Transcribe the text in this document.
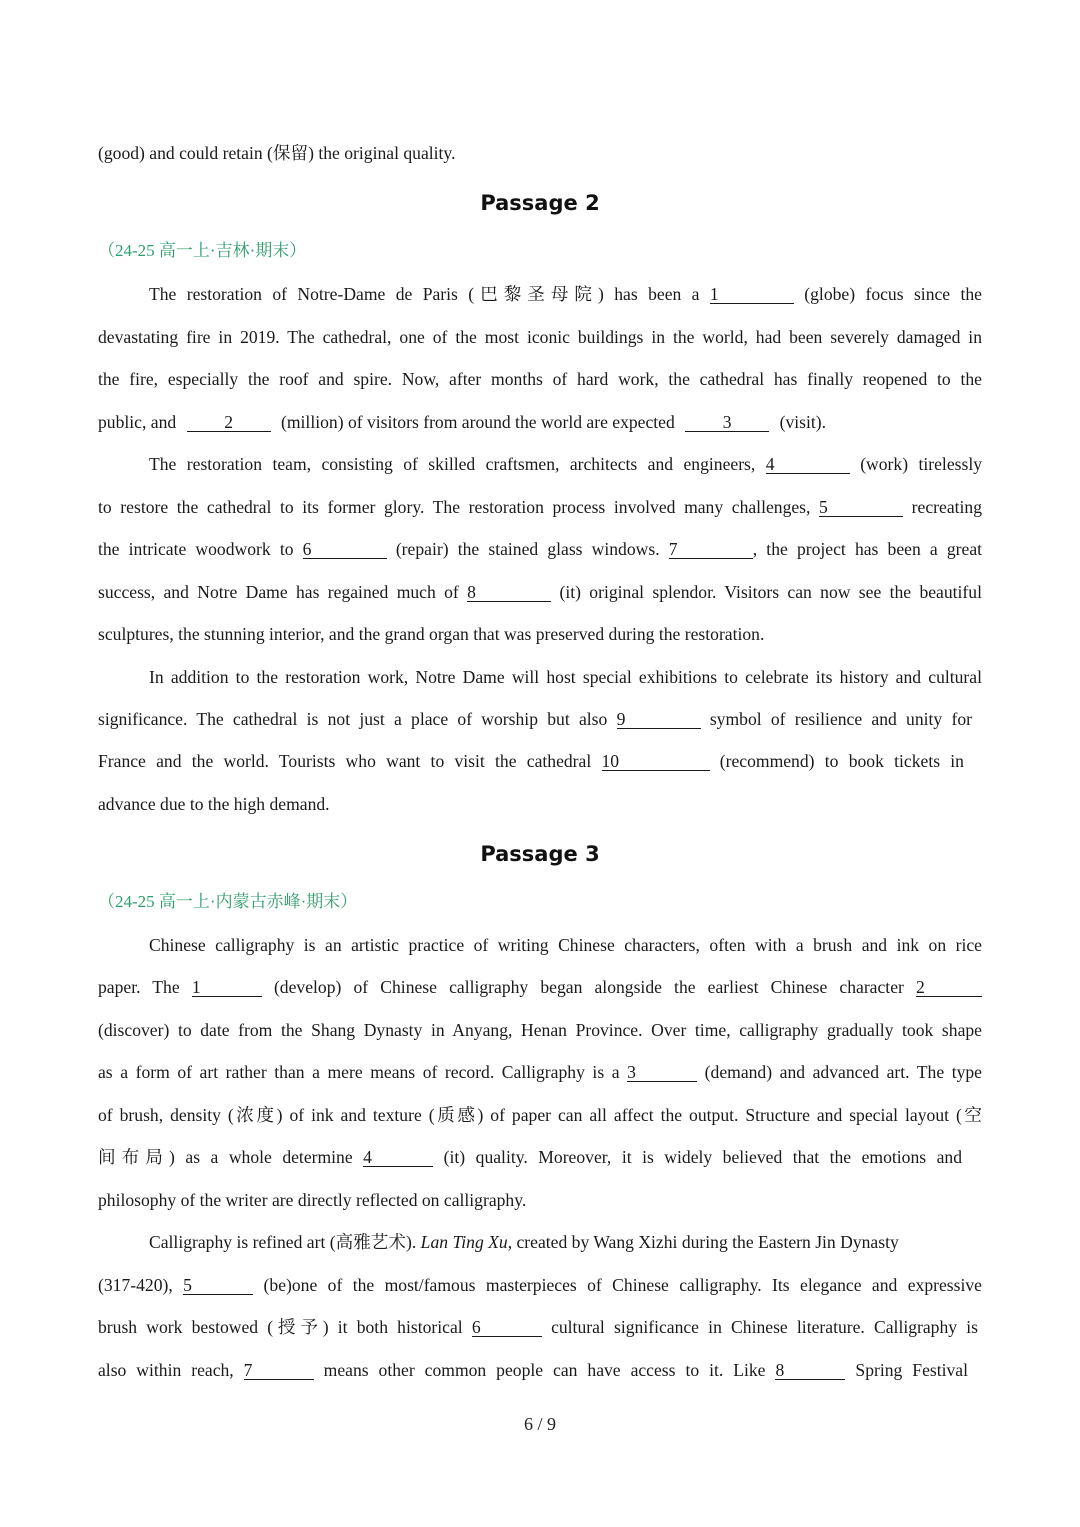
(good) and could retain (保留) the original quality.
Passage 2
（24-25 高一上·吉林·期末）
The restoration of Notre-Dame de Paris (巴黎圣母院) has been a 1	(globe) focus since the
devastating fire in 2019. The cathedral, one of the most iconic buildings in the world, had been severely damaged in
the fire, especially the roof and spire. Now, after months of hard work, the cathedral has finally reopened to the
public, and	2	(million) of visitors from around the world are expected	3	(visit).
The restoration team, consisting of skilled craftsmen, architects and engineers, 4	(work) tirelessly
to restore the cathedral to its former glory. The restoration process involved many challenges, 5	recreating
the intricate woodwork to 6	(repair) the stained glass windows. 7	, the project has been a great
success, and Notre Dame has regained much of 8	(it) original splendor. Visitors can now see the beautiful
sculptures, the stunning interior, and the grand organ that was preserved during the restoration.
In addition to the restoration work, Notre Dame will host special exhibitions to celebrate its history and cultural
significance. The cathedral is not just a place of worship but also 9	symbol of resilience and unity for
France and the world. Tourists who want to visit the cathedral 10	(recommend) to book tickets in
advance due to the high demand.
Passage 3
（24-25 高一上·内蒙古赤峰·期末）
Chinese calligraphy is an artistic practice of writing Chinese characters, often with a brush and ink on rice
paper. The 1	(develop) of Chinese calligraphy began alongside the earliest Chinese character 2
(discover) to date from the Shang Dynasty in Anyang, Henan Province. Over time, calligraphy gradually took shape
as a form of art rather than a mere means of record. Calligraphy is a 3	(demand) and advanced art. The type
of brush, density (浓度) of ink and texture (质感) of paper can all affect the output. Structure and special layout (空
间布局) as a whole determine 4	(it) quality. Moreover, it is widely believed that the emotions and
philosophy of the writer are directly reflected on calligraphy.
Calligraphy is refined art (高雅艺术). Lan Ting Xu, created by Wang Xizhi during the Eastern Jin Dynasty
(317-420), 5	(be)one of the most/famous masterpieces of Chinese calligraphy. Its elegance and expressive
brush work bestowed (授予) it both historical 6	cultural significance in Chinese literature. Calligraphy is
also within reach, 7	means other common people can have access to it. Like 8	Spring Festival
6 / 9
